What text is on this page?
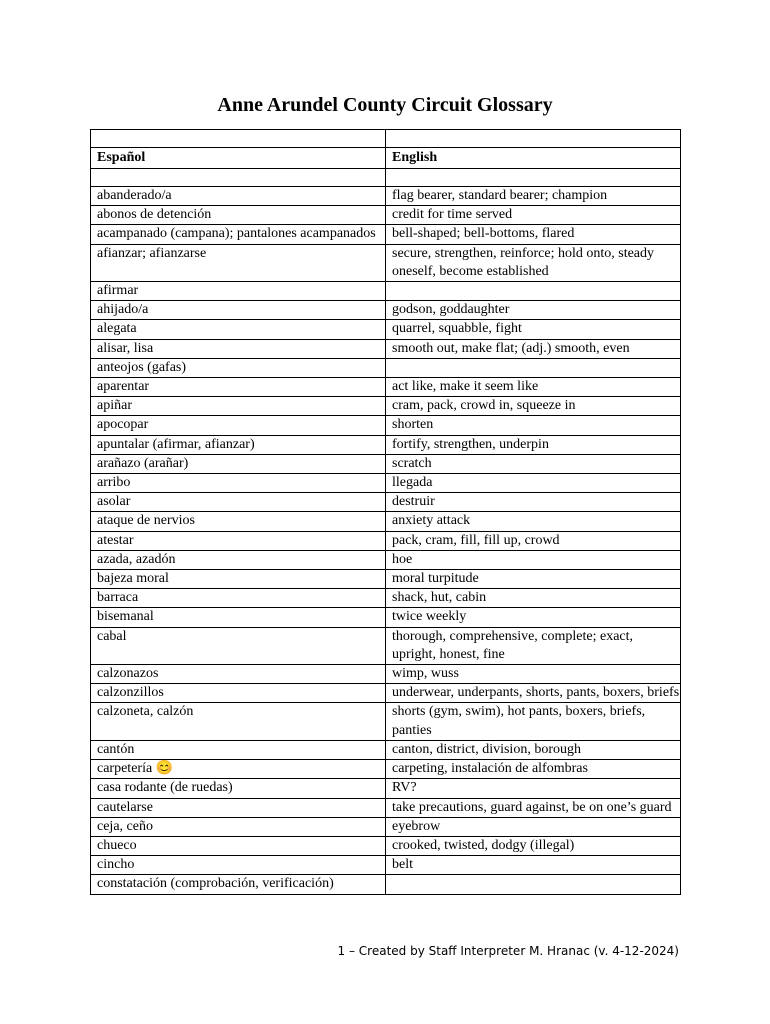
Anne Arundel County Circuit Glossary

Español	English

abanderado/a	flag bearer, standard bearer; champion
abonos de detención	credit for time served
acampanado (campana); pantalones acampanados	bell-shaped; bell-bottoms, flared
afianzar; afianzarse	secure, strengthen, reinforce; hold onto, steady oneself, become established
afirmar	
ahijado/a	godson, goddaughter
alegata	quarrel, squabble, fight
alisar, lisa	smooth out, make flat; (adj.) smooth, even
anteojos (gafas)	
aparentar	act like, make it seem like
apiñar	cram, pack, crowd in, squeeze in
apocopar	shorten
apuntalar (afirmar, afianzar)	fortify, strengthen, underpin
arañazo (arañar)	scratch
arribo	llegada
asolar	destruir
ataque de nervios	anxiety attack
atestar	pack, cram, fill, fill up, crowd
azada, azadón	hoe
bajeza moral	moral turpitude
barraca	shack, hut, cabin
bisemanal	twice weekly
cabal	thorough, comprehensive, complete; exact, upright, honest, fine
calzonazos	wimp, wuss
calzonzillos	underwear, underpants, shorts, pants, boxers, briefs
calzoneta, calzón	shorts (gym, swim), hot pants, boxers, briefs, panties
cantón	canton, district, division, borough
carpetería 😊	carpeting, instalación de alfombras
casa rodante (de ruedas)	RV?
cautelarse	take precautions, guard against, be on one’s guard
ceja, ceño	eyebrow
chueco	crooked, twisted, dodgy (illegal)
cincho	belt
constatación (comprobación, verificación)	
1 – Created by Staff Interpreter M. Hranac (v. 4-12-2024)
